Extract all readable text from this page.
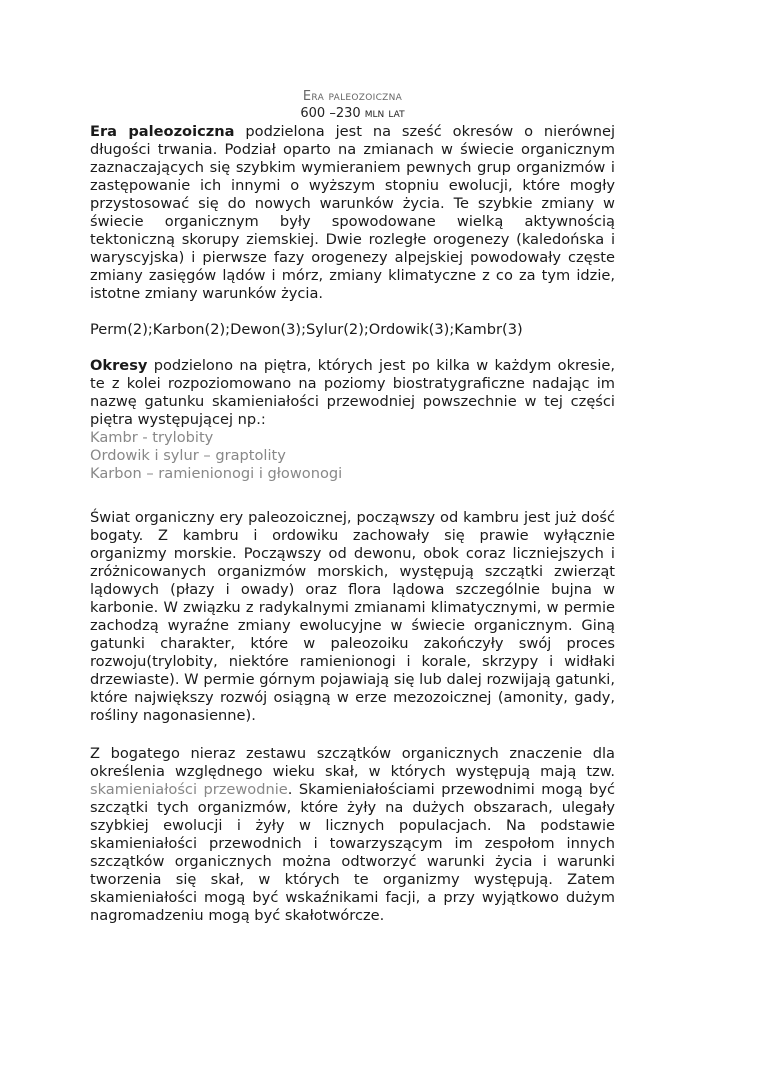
Era paleozoiczna
600 –230 mln lat

Era paleozoiczna podzielona jest na sześć okresów o nierównej długości trwania. Podział oparto na zmianach w świecie organicznym zaznaczających się szybkim wymieraniem pewnych grup organizmów i zastępowanie ich innymi o wyższym stopniu ewolucji, które mogły przystosować się do nowych warunków życia. Te szybkie zmiany w świecie organicznym były spowodowane wielką aktywnością tektoniczną skorupy ziemskiej. Dwie rozległe orogenezy (kaledońska i waryscyjska) i pierwsze fazy orogenezy alpejskiej powodowały częste zmiany zasięgów lądów i mórz, zmiany klimatyczne z co za tym idzie, istotne zmiany warunków życia.

Perm(2);Karbon(2);Dewon(3);Sylur(2);Ordowik(3);Kambr(3)

Okresy podzielono na piętra, których jest po kilka w każdym okresie, te z kolei rozpoziomowano na poziomy biostratygraficzne nadając im nazwę gatunku skamieniałości przewodniej powszechnie w tej części piętra występującej np.:

Kambr - trylobity

Ordowik i sylur – graptolity

Karbon – ramienionogi i głowonogi

Świat organiczny ery paleozoicznej, począwszy od kambru jest już dość bogaty. Z kambru i ordowiku zachowały się prawie wyłącznie organizmy morskie. Począwszy od dewonu, obok coraz liczniejszych i zróżnicowanych organizmów morskich, występują szczątki zwierząt lądowych (płazy i owady) oraz flora lądowa szczególnie bujna w karbonie. W związku z radykalnymi zmianami klimatycznymi, w permie zachodzą wyraźne zmiany ewolucyjne w świecie organicznym. Giną gatunki charakter, które w paleozoiku zakończyły swój proces rozwoju(trylobity, niektóre ramienionogi i korale, skrzypy i widłaki drzewiaste). W permie górnym pojawiają się lub dalej rozwijają gatunki, które największy rozwój osiągną w erze mezozoicznej (amonity, gady, rośliny nagonasienne).

Z bogatego nieraz zestawu szczątków organicznych znaczenie dla określenia względnego wieku skał, w których występują mają tzw. skamieniałości przewodnie. Skamieniałościami przewodnimi mogą być szczątki tych organizmów, które żyły na dużych obszarach, ulegały szybkiej ewolucji i żyły w licznych populacjach. Na podstawie skamieniałości przewodnich i towarzyszącym im zespołom innych szczątków organicznych można odtworzyć warunki życia i warunki tworzenia się skał, w których te organizmy występują. Zatem skamieniałości mogą być wskaźnikami facji, a przy wyjątkowo dużym nagromadzeniu mogą być skałotwórcze.
